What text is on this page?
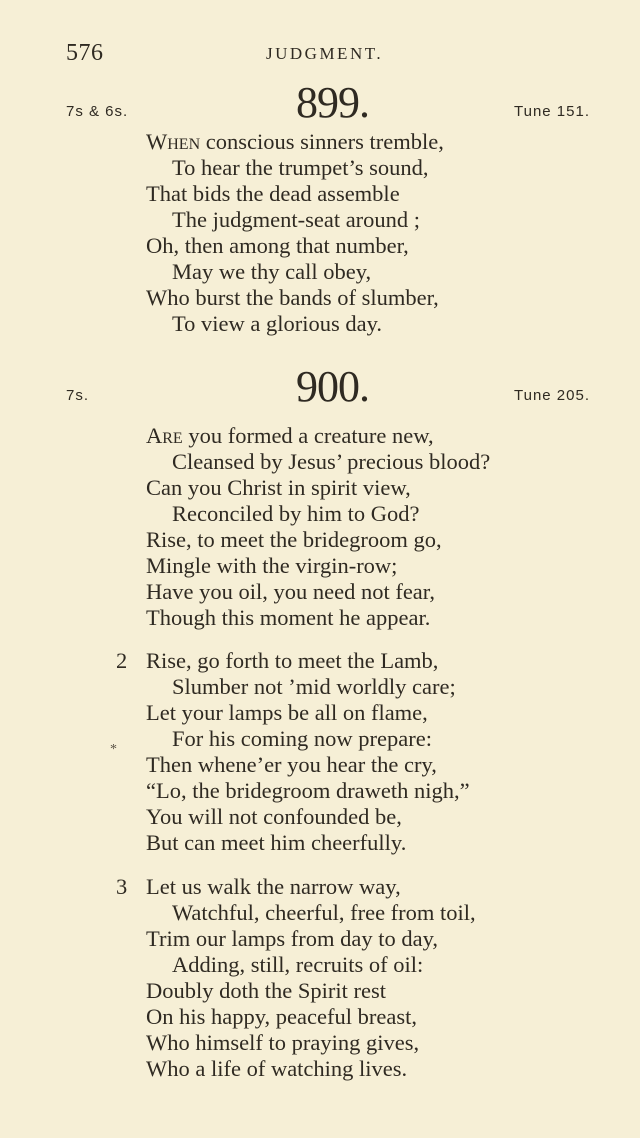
576	JUDGMENT.
7s & 6s.	899.	Tune 151.
When conscious sinners tremble,
To hear the trumpet’s sound,
That bids the dead assemble
The judgment-seat around ;
Oh, then among that number,
May we thy call obey,
Who burst the bands of slumber,
To view a glorious day.
7s.	900.	Tune 205.
Are you formed a creature new,
Cleansed by Jesus’ precious blood?
Can you Christ in spirit view,
Reconciled by him to God?
Rise, to meet the bridegroom go,
Mingle with the virgin-row;
Have you oil, you need not fear,
Though this moment he appear.
2 Rise, go forth to meet the Lamb,
Slumber not ’mid worldly care;
Let your lamps be all on flame,
For his coming now prepare:
Then whene’er you hear the cry,
“Lo, the bridegroom draweth nigh,”
You will not confounded be,
But can meet him cheerfully.
3 Let us walk the narrow way,
Watchful, cheerful, free from toil,
Trim our lamps from day to day,
Adding, still, recruits of oil:
Doubly doth the Spirit rest
On his happy, peaceful breast,
Who himself to praying gives,
Who a life of watching lives.
*
